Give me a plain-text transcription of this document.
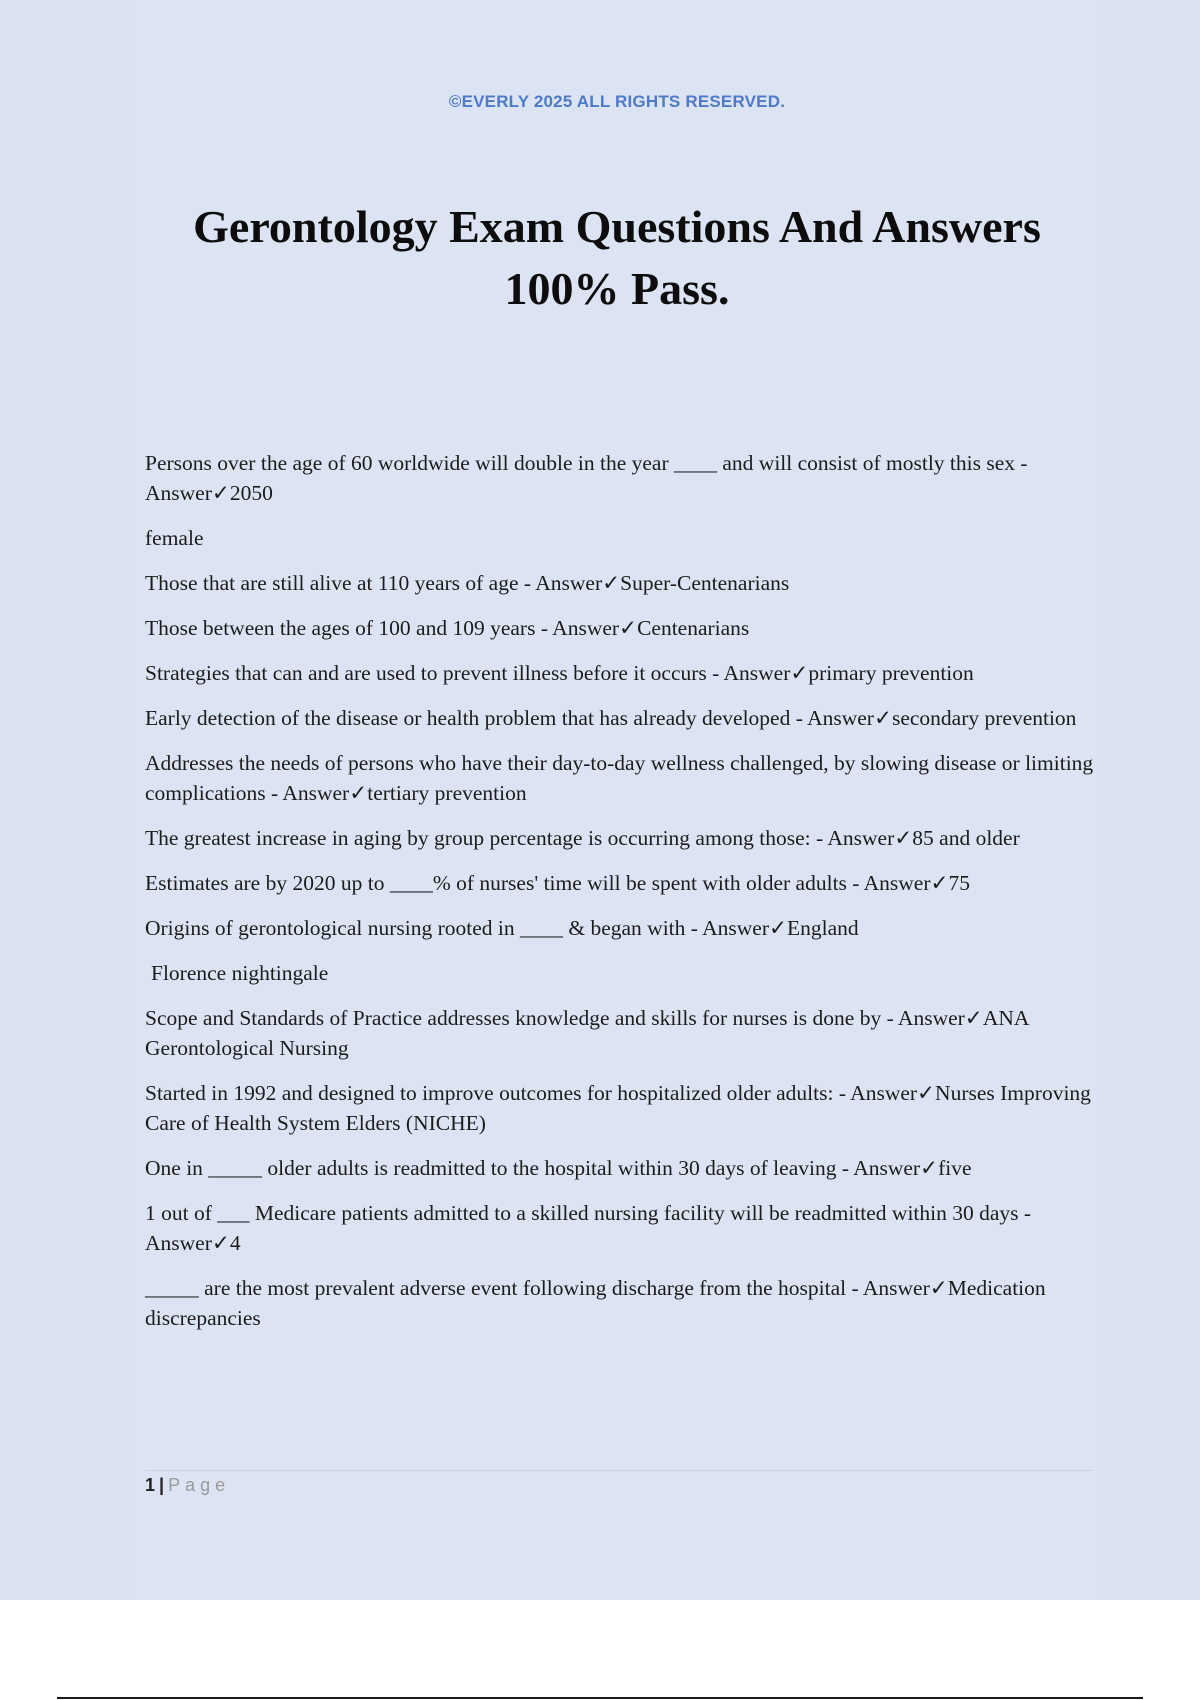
©EVERLY 2025 ALL RIGHTS RESERVED.
Gerontology Exam Questions And Answers
100% Pass.
Persons over the age of 60 worldwide will double in the year ____ and will consist of mostly this sex - Answer✓2050
female
Those that are still alive at 110 years of age - Answer✓Super-Centenarians
Those between the ages of 100 and 109 years - Answer✓Centenarians
Strategies that can and are used to prevent illness before it occurs - Answer✓primary prevention
Early detection of the disease or health problem that has already developed - Answer✓secondary prevention
Addresses the needs of persons who have their day-to-day wellness challenged, by slowing disease or limiting complications - Answer✓tertiary prevention
The greatest increase in aging by group percentage is occurring among those: - Answer✓85 and older
Estimates are by 2020 up to ____% of nurses' time will be spent with older adults - Answer✓75
Origins of gerontological nursing rooted in ____ & began with - Answer✓England
Florence nightingale
Scope and Standards of Practice addresses knowledge and skills for nurses is done by - Answer✓ANA Gerontological Nursing
Started in 1992 and designed to improve outcomes for hospitalized older adults: - Answer✓Nurses Improving Care of Health System Elders (NICHE)
One in _____ older adults is readmitted to the hospital within 30 days of leaving - Answer✓five
1 out of ___ Medicare patients admitted to a skilled nursing facility will be readmitted within 30 days - Answer✓4
_____ are the most prevalent adverse event following discharge from the hospital - Answer✓Medication discrepancies
1 | Page
